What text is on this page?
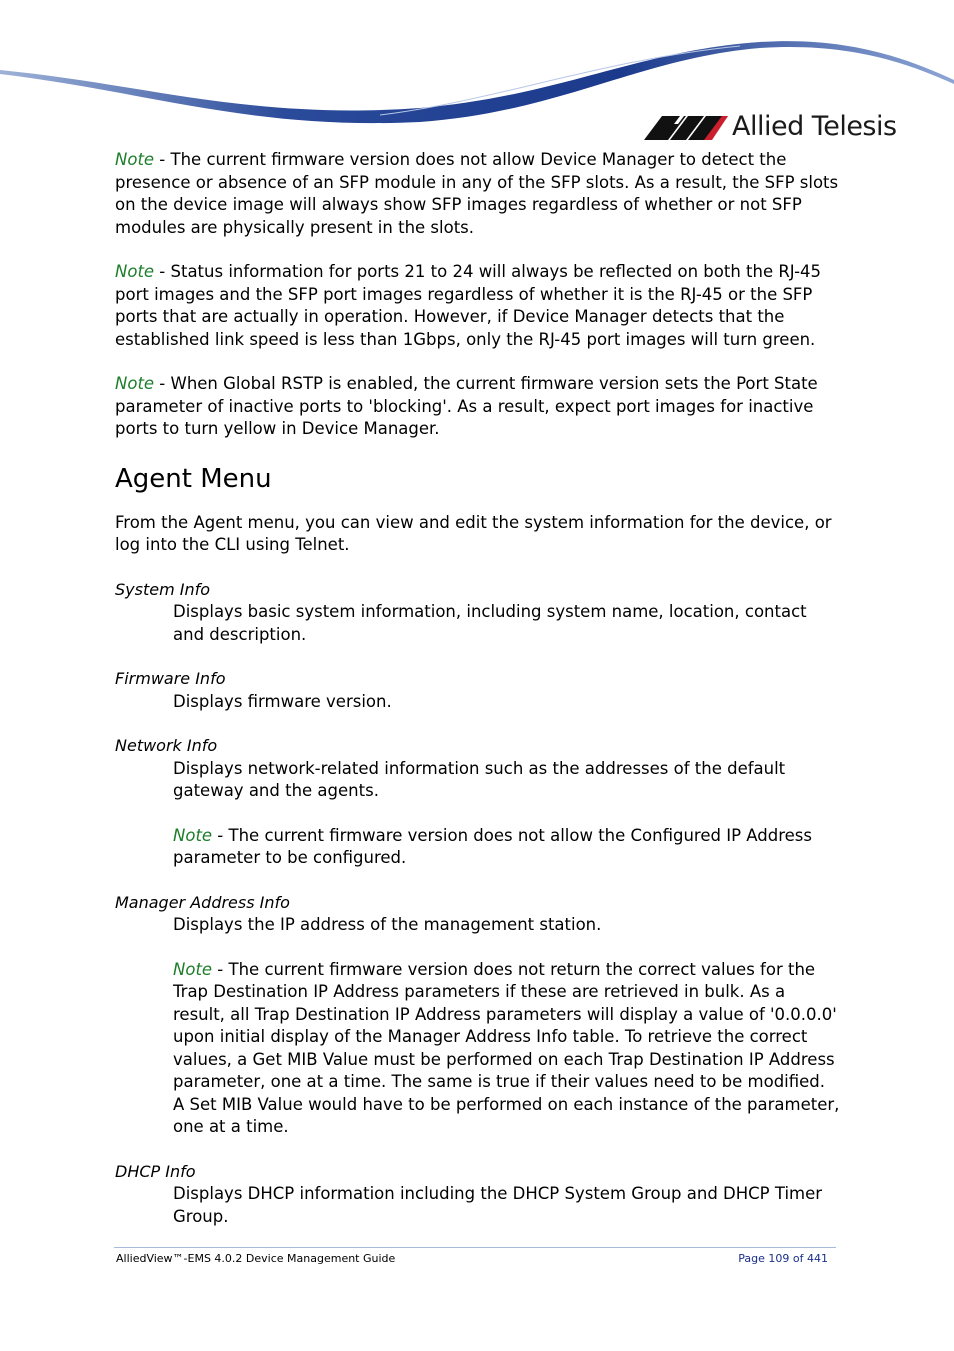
Allied Telesis

Note - The current firmware version does not allow Device Manager to detect the presence or absence of an SFP module in any of the SFP slots. As a result, the SFP slots on the device image will always show SFP images regardless of whether or not SFP modules are physically present in the slots.

Note - Status information for ports 21 to 24 will always be reflected on both the RJ-45 port images and the SFP port images regardless of whether it is the RJ-45 or the SFP ports that are actually in operation. However, if Device Manager detects that the established link speed is less than 1Gbps, only the RJ-45 port images will turn green.

Note - When Global RSTP is enabled, the current firmware version sets the Port State parameter of inactive ports to 'blocking'. As a result, expect port images for inactive ports to turn yellow in Device Manager.

Agent Menu

From the Agent menu, you can view and edit the system information for the device, or log into the CLI using Telnet.

System Info

Displays basic system information, including system name, location, contact and description.

Firmware Info

Displays firmware version.

Network Info

Displays network-related information such as the addresses of the default gateway and the agents.

Note - The current firmware version does not allow the Configured IP Address parameter to be configured.

Manager Address Info

Displays the IP address of the management station.

Note - The current firmware version does not return the correct values for the Trap Destination IP Address parameters if these are retrieved in bulk. As a result, all Trap Destination IP Address parameters will display a value of '0.0.0.0' upon initial display of the Manager Address Info table. To retrieve the correct values, a Get MIB Value must be performed on each Trap Destination IP Address parameter, one at a time. The same is true if their values need to be modified. A Set MIB Value would have to be performed on each instance of the parameter, one at a time.

DHCP Info

Displays DHCP information including the DHCP System Group and DHCP Timer Group.

AlliedView™-EMS 4.0.2 Device Management Guide	Page 109 of 441
